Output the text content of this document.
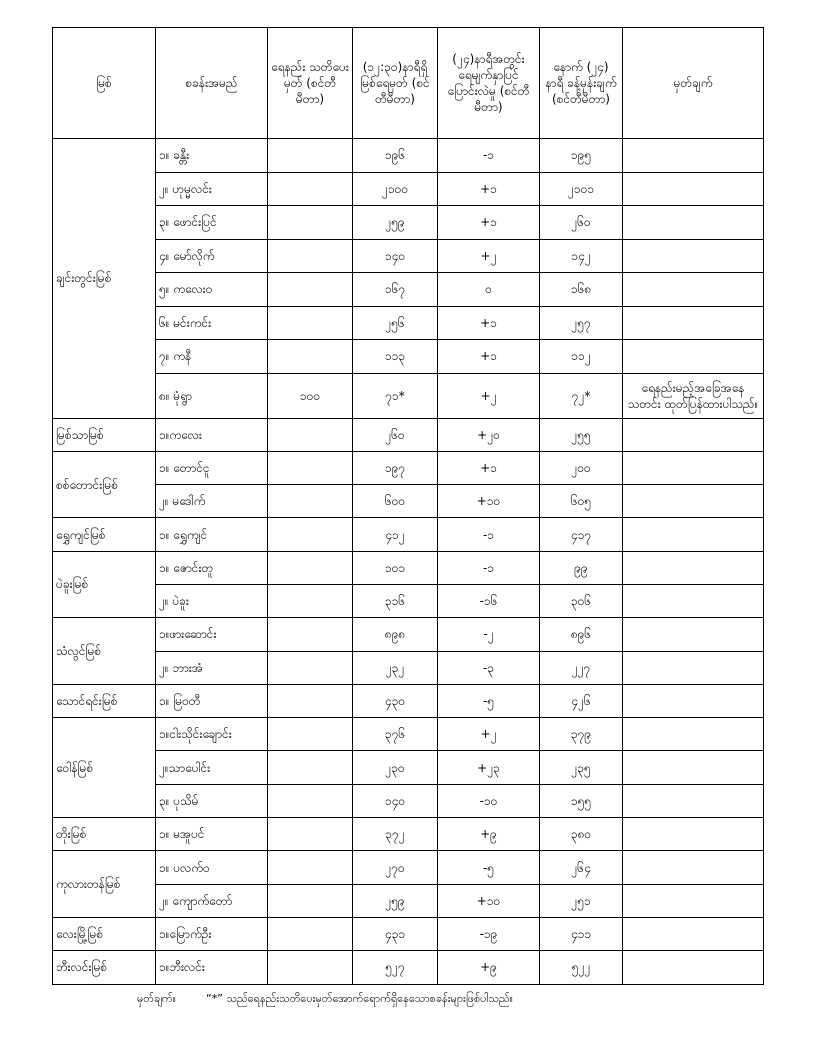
မြစ်	စခန်းအမည်	ရေနည်း သတိပေးမှတ် (စင်တီမီတာ)	(၁၂:၃၀)နာရီရှိ မြစ်ရေမှတ် (စင်တီမီတာ)	(၂၄)နာရီအတွင်း ရေမျက်နှာပြင် ပြောင်းလဲမှု (စင်တီမီတာ)	နောက် (၂၄) နာရီ ခန့်မှန်းချက် (စင်တီမီတာ)	မှတ်ချက်
ချင်းတွင်းမြစ်	၁။ ခန္တီး		၁၉၆	-၁	၁၉၅	
	၂။ ဟုမ္မလင်း		၂၁၀၀	+၁	၂၁၀၁	
	၃။ ဖောင်းပြင်		၂၅၉	+၁	၂၆၀	
	၄။ မော်လိုက်		၁၄၀	+၂	၁၄၂	
	၅။ ကလေးဝ		၁၆၇	၀	၁၆၈	
	၆။ မင်းကင်း		၂၅၆	+၁	၂၅၇	
	၇။ ကနီ		၁၁၃	+၁	၁၁၂	
	၈။ မုံရွာ	၁၀၀	၇၁*	+၂	၇၂*	ရေနည်းမည့်အခြေအနေသတင်း ထုတ်ပြန်ထားပါသည်။
မြစ်သာမြစ်	၁။ကလေး		၂၆၀	+၂၀	၂၅၅	
စစ်တောင်းမြစ်	၁။ တောင်ငူ		၁၉၇	+၁	၂၀၀	
	၂။ မဒေါက်		၆၀၀	+၁၀	၆၀၅	
ရွှေကျင်မြစ်	၁။ ရွှေကျင်		၄၁၂	-၁	၄၁၇	
ပဲခူးမြစ်	၁။ ဇောင်းတူ		၁၀၁	-၁	၉၉	
	၂။ ပဲခူး		၃၁၆	-၁၆	၃၀၆	
သံလွင်မြစ်	၁။ဖားဆောင်း		၈၉၈	-၂	၈၉၆	
	၂။ ဘားအံ		၂၃၂	-၃	၂၂၇	
သောင်ရင်းမြစ်	၁။ မြဝတီ		၄၃၀	-၅	၄၂၆	
ဝေါန်မြစ်	၁။ငါးသိုင်းချောင်း		၃၇၆	+၂	၃၇၉	
	၂။သာပေါင်း		၂၃၀	+၂၃	၂၃၅	
	၃။ ပုသိမ်		၁၄၀	-၁၀	၁၅၅	
တိုးမြစ်	၁။ မအူပင်		၃၇၂	+၉	၃၈၀	
ကုလားတန်မြစ်	၁။ ပလက်ဝ		၂၇၀	-၅	၂၆၄	
	၂။ ကျောက်တော်		၂၅၉	+၁၀	၂၅၁	
လေးမြို့မြစ်	၁။မြောက်ဦး		၄၃၁	-၁၉	၄၁၁	
ဘီးလင်းမြစ်	၁။ဘီးလင်း		၅၂၇	+၉	၅၂၂	
မှတ်ချက်။	“*” သည်ရေနည်းသတိပေးမှတ်အောက်ရောက်ရှိနေသောစခန်းများဖြစ်ပါသည်။
